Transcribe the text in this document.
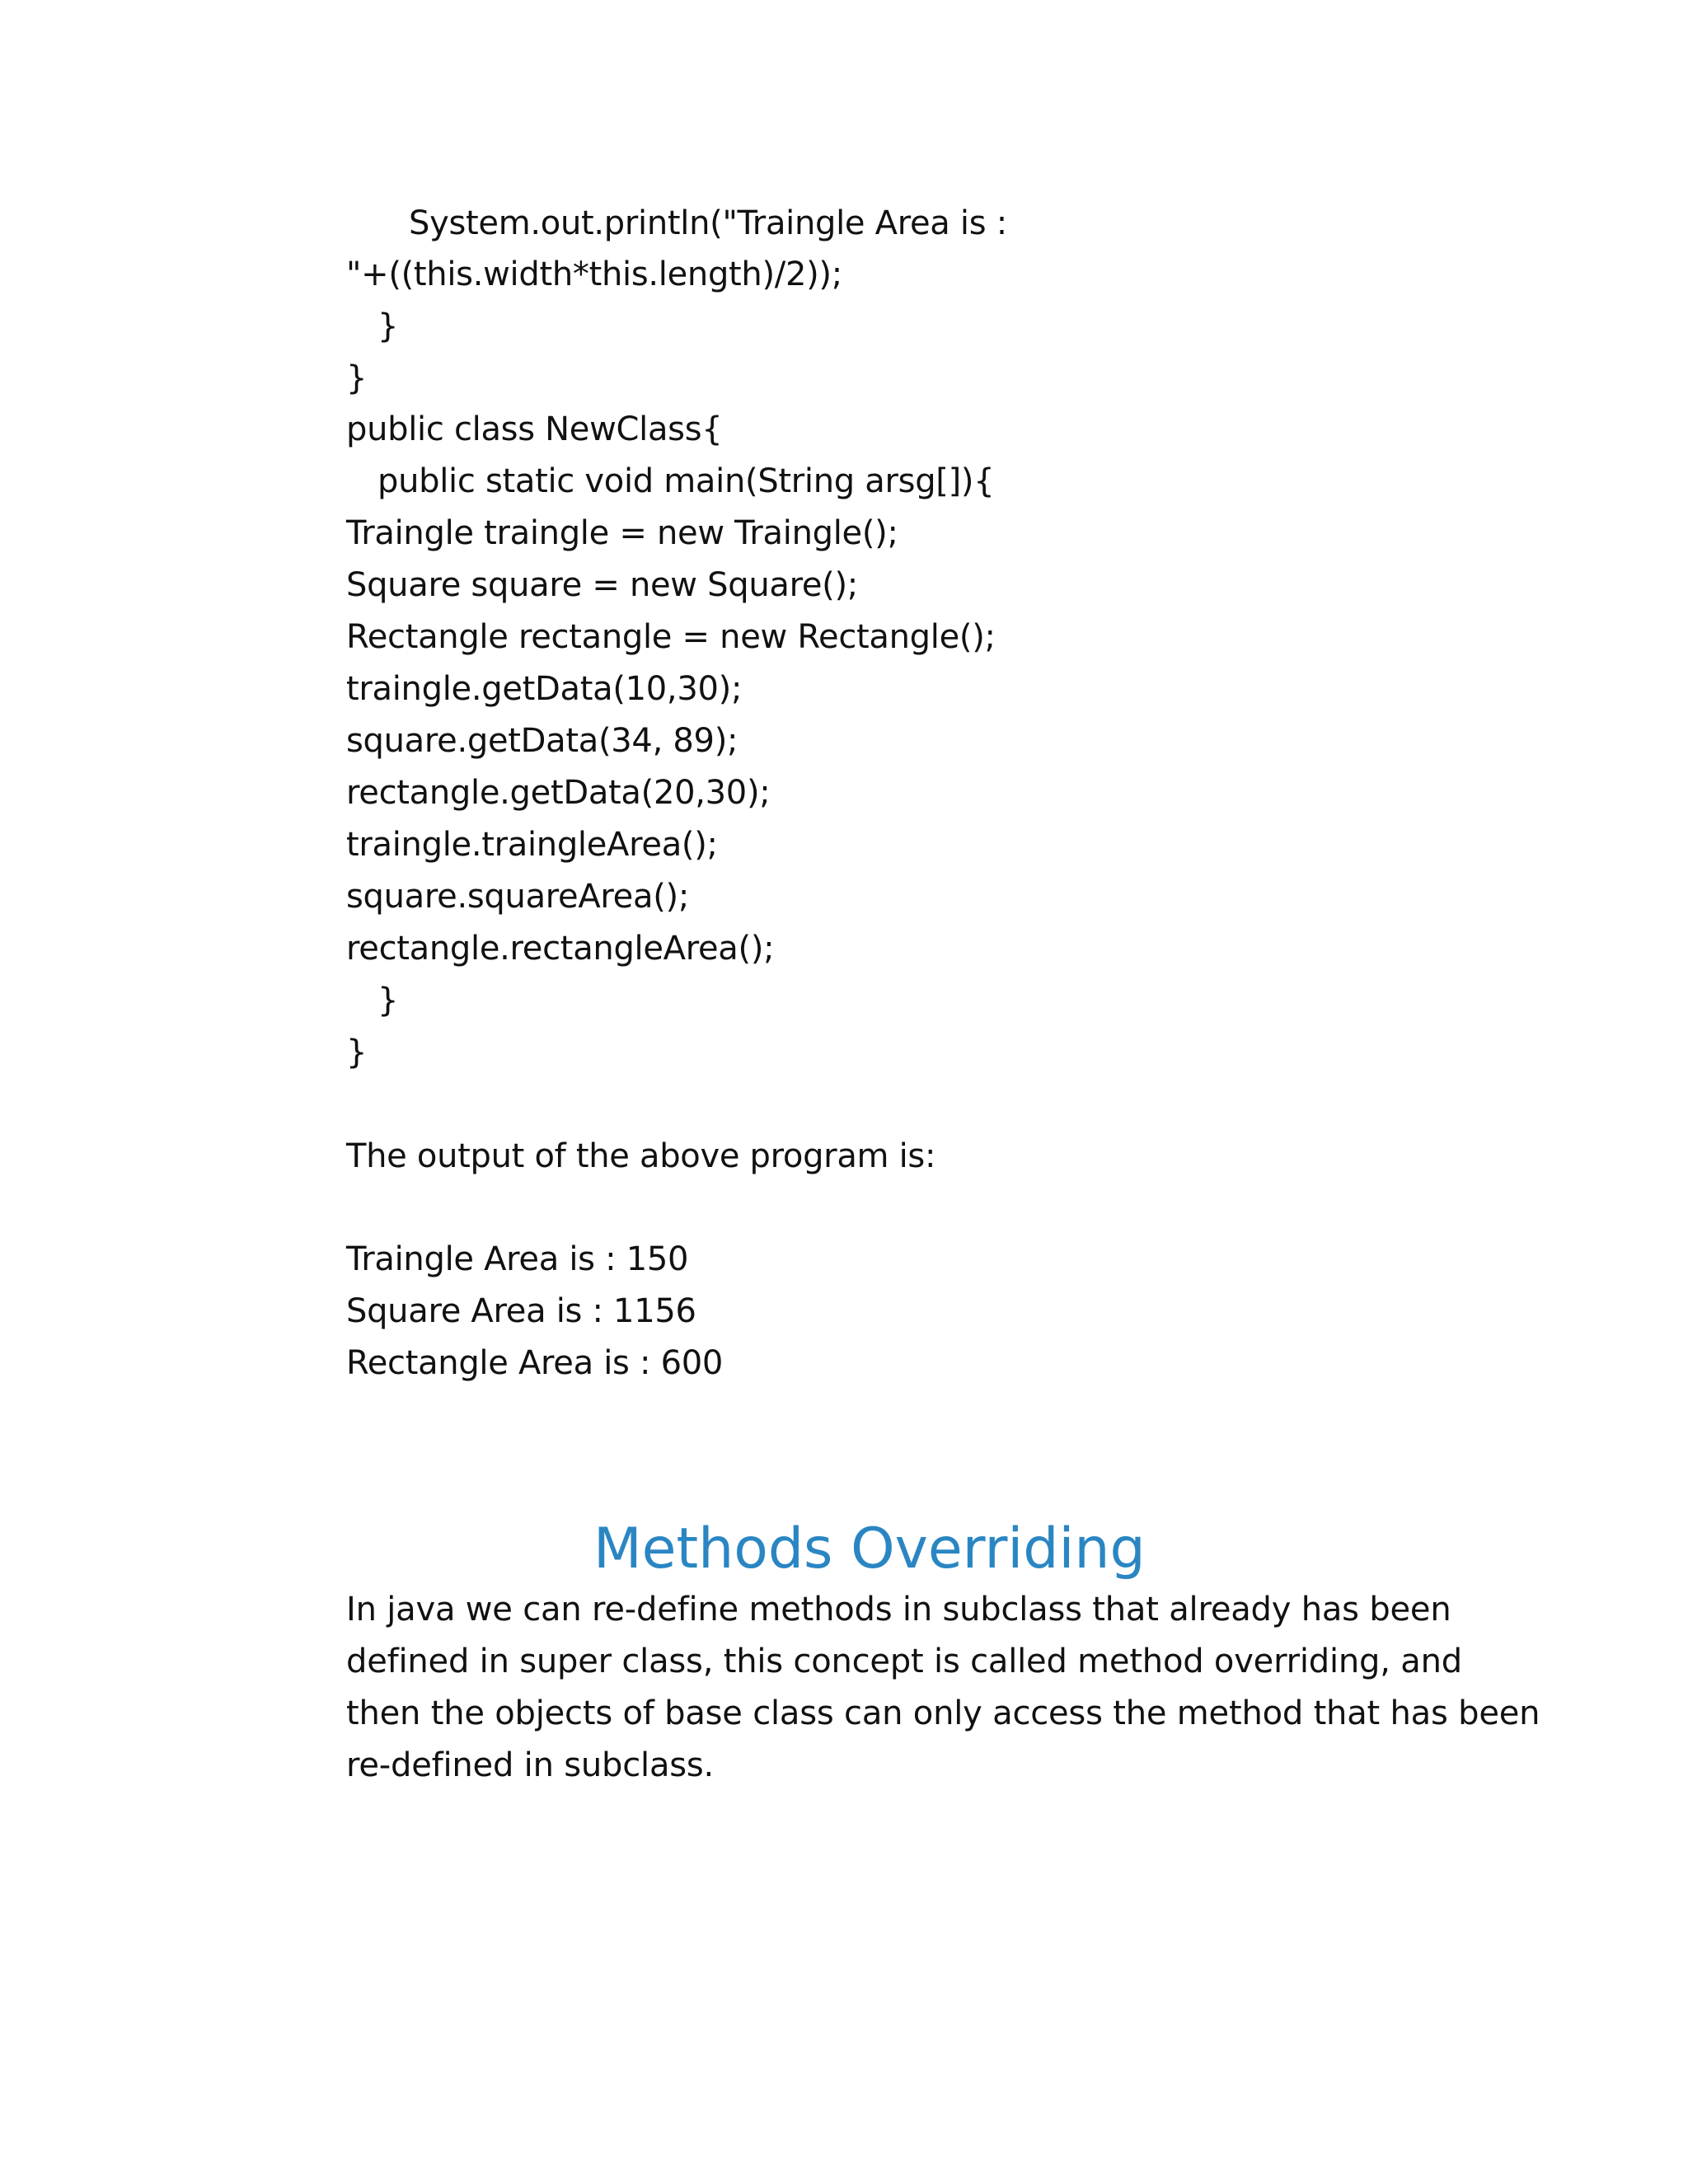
System.out.println("Traingle Area is :
"+((this.width*this.length)/2));
}
}
public class NewClass{
public static void main(String arsg[]){
Traingle traingle = new Traingle();
Square square = new Square();
Rectangle rectangle = new Rectangle();
traingle.getData(10,30);
square.getData(34, 89);
rectangle.getData(20,30);
traingle.traingleArea();
square.squareArea();
rectangle.rectangleArea();
}
}
The output of the above program is:
Traingle Area is : 150
Square Area is : 1156
Rectangle Area is : 600
Methods Overriding
In java we can re-define methods in subclass that already has been
defined in super class, this concept is called method overriding, and
then the objects of base class can only access the method that has been
re-defined in subclass.
